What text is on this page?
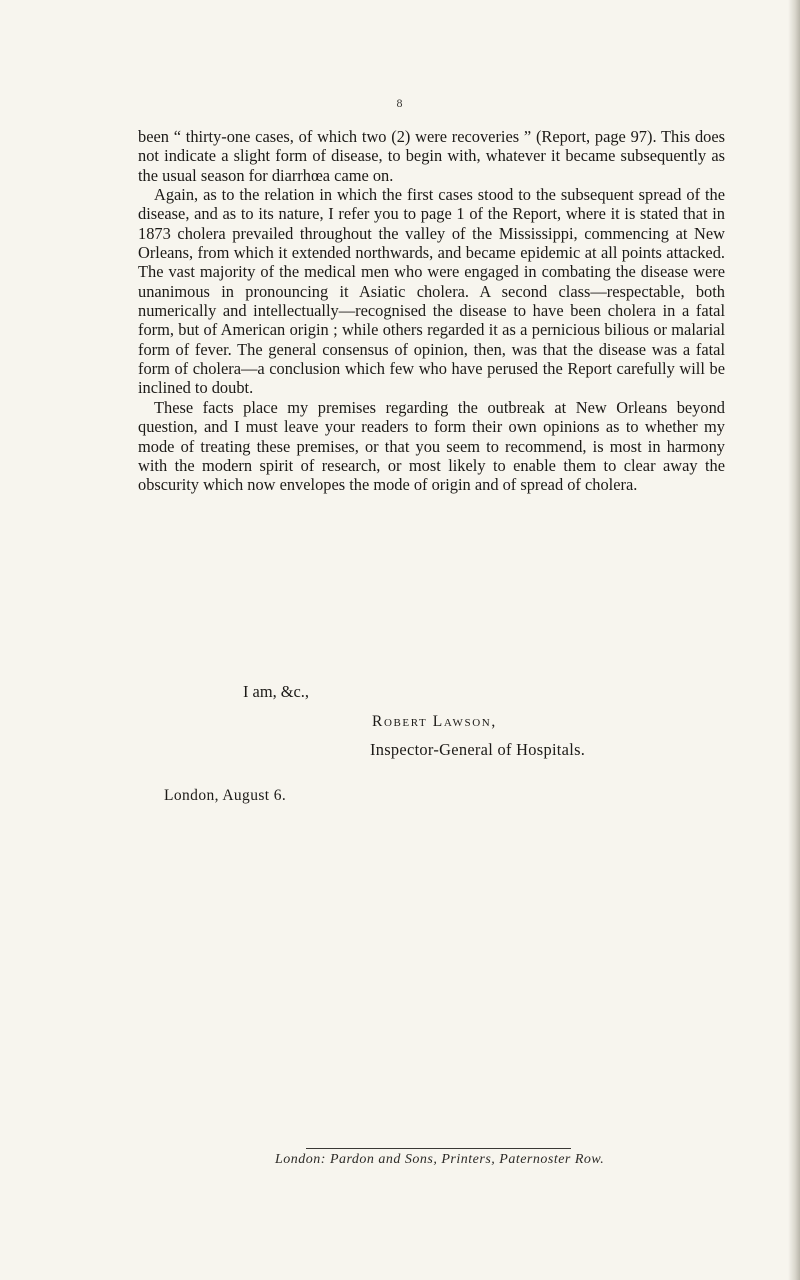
8

been “ thirty-one cases, of which two (2) were recoveries ” (Report, page 97). This does not indicate a slight form of disease, to begin with, whatever it became subsequently as the usual season for diarrhœa came on.

Again, as to the relation in which the first cases stood to the subsequent spread of the disease, and as to its nature, I refer you to page 1 of the Report, where it is stated that in 1873 cholera prevailed throughout the valley of the Mississippi, commencing at New Orleans, from which it extended northwards, and became epidemic at all points attacked. The vast majority of the medical men who were engaged in combating the disease were unanimous in pronouncing it Asiatic cholera. A second class—respectable, both numerically and intellectually—recognised the disease to have been cholera in a fatal form, but of American origin ; while others regarded it as a pernicious bilious or malarial form of fever. The general consensus of opinion, then, was that the disease was a fatal form of cholera—a conclusion which few who have perused the Report carefully will be inclined to doubt.

These facts place my premises regarding the outbreak at New Orleans beyond question, and I must leave your readers to form their own opinions as to whether my mode of treating these premises, or that you seem to recommend, is most in harmony with the modern spirit of research, or most likely to enable them to clear away the obscurity which now envelopes the mode of origin and of spread of cholera.

I am, &c.,
Robert Lawson,
Inspector-General of Hospitals.
London, August 6.
London: Pardon and Sons, Printers, Paternoster Row.
